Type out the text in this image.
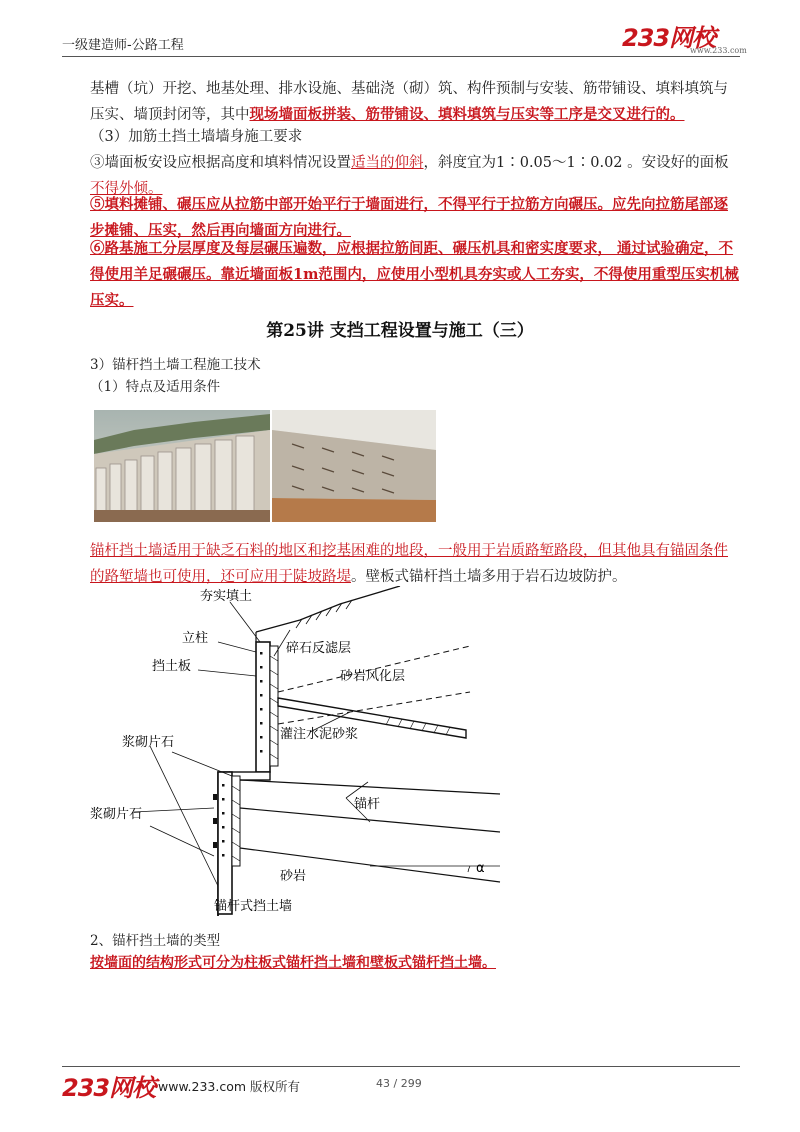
一级建造师-公路工程	233网校
www.233.com
基槽（坑）开挖、地基处理、排水设施、基础浇（砌）筑、构件预制与安装、筋带铺设、填料填筑与压实、墙顶封闭等，其中现场墙面板拼装、筋带铺设、填料填筑与压实等工序是交叉进行的。
（3）加筋土挡土墙墙身施工要求
③墙面板安设应根据高度和填料情况设置适当的仰斜，斜度宜为1∶0.05～1∶0.02 。安设好的面板不得外倾。
⑤填料摊铺、碾压应从拉筋中部开始平行于墙面进行，不得平行于拉筋方向碾压。应先向拉筋尾部逐步摊铺、压实，然后再向墙面方向进行。
⑥路基施工分层厚度及每层碾压遍数，应根据拉筋间距、碾压机具和密实度要求， 通过试验确定，不得使用羊足碾碾压。靠近墙面板1m范围内，应使用小型机具夯实或人工夯实，不得使用重型压实机械压实。
第25讲 支挡工程设置与施工（三）
3）锚杆挡土墙工程施工技术
（1）特点及适用条件
锚杆挡土墙适用于缺乏石料的地区和挖基困难的地段，一般用于岩质路堑路段，但其他具有锚固条件的路堑墙也可使用，还可应用于陡坡路堤。壁板式锚杆挡土墙多用于岩石边坡防护。
夯实填土
立柱
挡土板
浆砌片石
浆砌片石
碎石反滤层
砂岩风化层
灌注水泥砂浆
锚杆
砂岩
α
锚杆式挡土墙
2、锚杆挡土墙的类型
按墙面的结构形式可分为柱板式锚杆挡土墙和壁板式锚杆挡土墙。
233网校 www.233.com 版权所有	43 / 299
